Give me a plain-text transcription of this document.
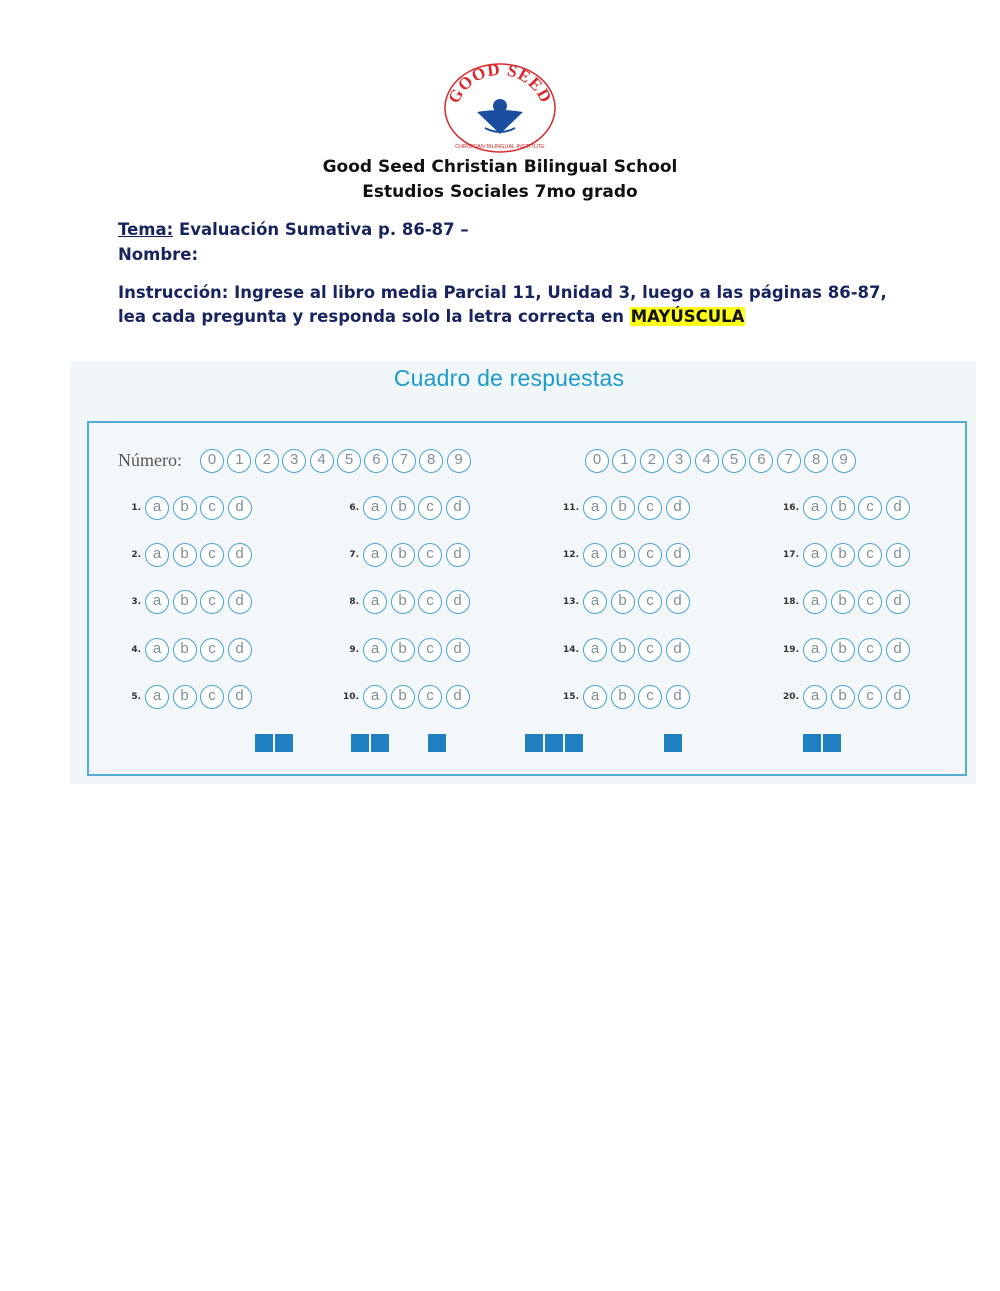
GOOD SEED
CHRISTIAN BILINGUAL INSTITUTE
Good Seed Christian Bilingual School
Estudios Sociales 7mo grado
Tema: Evaluación Sumativa p. 86-87 –
Nombre:
Instrucción: Ingrese al libro media Parcial 11, Unidad 3, luego a las páginas 86-87,
lea cada pregunta y responda solo la letra correcta en MAYÚSCULA
Cuadro de respuestas
Número:	0	1	2	3	4	5	6	7	8	9	0	1	2	3	4	5	6	7	8	9
1. a	b	c	d
2. a	b	c	d
3. a	b	c	d
4. a	b	c	d
5. a	b	c	d
6. a	b	c	d
7. a	b	c	d
8. a	b	c	d
9. a	b	c	d
10. a	b	c	d
11. a	b	c	d
12. a	b	c	d
13. a	b	c	d
14. a	b	c	d
15. a	b	c	d
16. a	b	c	d
17. a	b	c	d
18. a	b	c	d
19. a	b	c	d
20. a	b	c	d
